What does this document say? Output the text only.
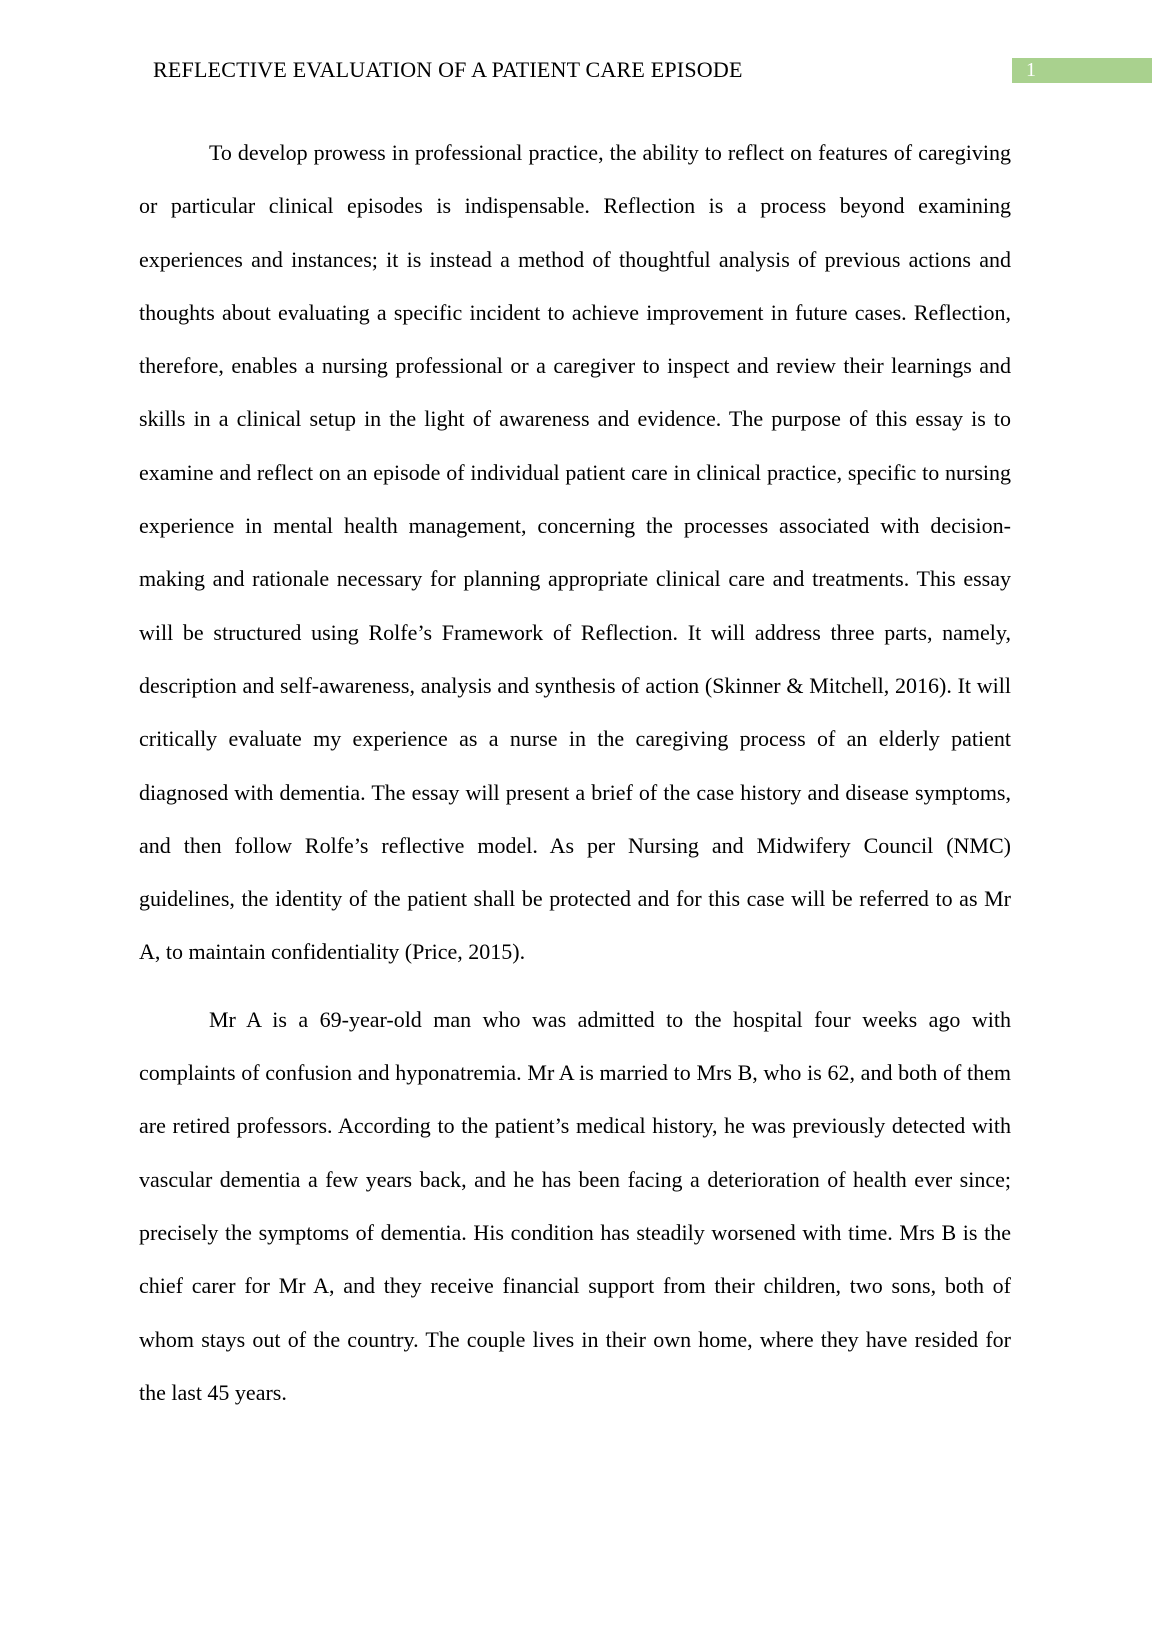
REFLECTIVE EVALUATION OF A PATIENT CARE EPISODE	1

To develop prowess in professional practice, the ability to reflect on features of caregiving or particular clinical episodes is indispensable. Reflection is a process beyond examining experiences and instances; it is instead a method of thoughtful analysis of previous actions and thoughts about evaluating a specific incident to achieve improvement in future cases. Reflection, therefore, enables a nursing professional or a caregiver to inspect and review their learnings and skills in a clinical setup in the light of awareness and evidence. The purpose of this essay is to examine and reflect on an episode of individual patient care in clinical practice, specific to nursing experience in mental health management, concerning the processes associated with decision-making and rationale necessary for planning appropriate clinical care and treatments. This essay will be structured using Rolfe’s Framework of Reflection. It will address three parts, namely, description and self-awareness, analysis and synthesis of action (Skinner & Mitchell, 2016). It will critically evaluate my experience as a nurse in the caregiving process of an elderly patient diagnosed with dementia. The essay will present a brief of the case history and disease symptoms, and then follow Rolfe’s reflective model. As per Nursing and Midwifery Council (NMC) guidelines, the identity of the patient shall be protected and for this case will be referred to as Mr A, to maintain confidentiality (Price, 2015).

Mr A is a 69-year-old man who was admitted to the hospital four weeks ago with complaints of confusion and hyponatremia. Mr A is married to Mrs B, who is 62, and both of them are retired professors. According to the patient’s medical history, he was previously detected with vascular dementia a few years back, and he has been facing a deterioration of health ever since; precisely the symptoms of dementia. His condition has steadily worsened with time. Mrs B is the chief carer for Mr A, and they receive financial support from their children, two sons, both of whom stays out of the country. The couple lives in their own home, where they have resided for the last 45 years.
